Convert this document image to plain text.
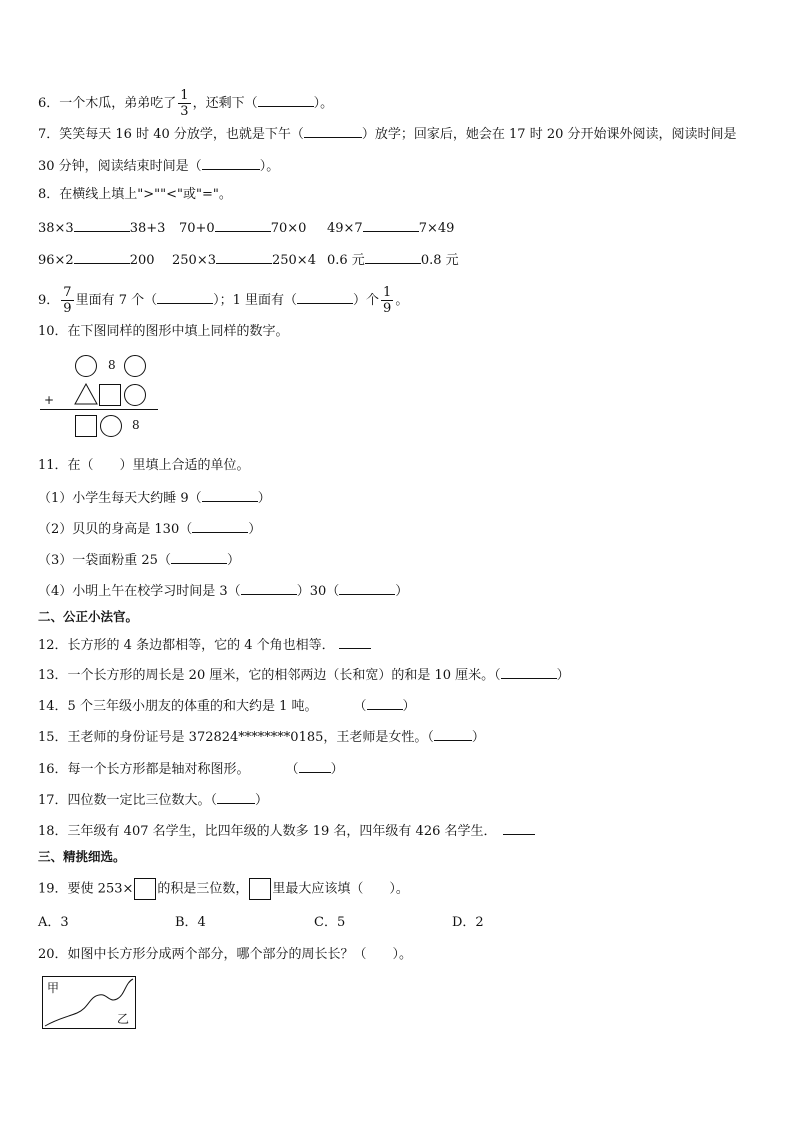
6．一个木瓜，弟弟吃了 $\frac{1}{3}$ ，还剩下（	）。
7．笑笑每天 16 时 40 分放学，也就是下午（	）放学；回家后，她会在 17 时 20 分开始课外阅读，阅读时间是
30 分钟，阅读结束时间是（	）。
8．在横线上填上">""<"或"="。
38×3	38+3 70+0	70×0 49×7	7×49
96×2	200 250×3	250×4 0.6 元	0.8 元
9． $\frac{7}{9}$ 里面有 7 个（	）；1 里面有（	）个 $\frac{1}{9}$ 。
10．在下图同样的图形中填上同样的数字。
8
+
8
11．在（　　）里填上合适的单位。
（1）小学生每天大约睡 9（	）
（2）贝贝的身高是 130（	）
（3）一袋面粉重 25（	）
（4）小明上午在校学习时间是 3（	）30（	）
二、公正小法官。
12．长方形的 4 条边都相等，它的 4 个角也相等．
13．一个长方形的周长是 20 厘米，它的相邻两边（长和宽）的和是 10 厘米。（	）
14．5 个三年级小朋友的体重的和大约是 1 吨。	（	）
15．王老师的身份证号是 372824********0185，王老师是女性。（	）
16．每一个长方形都是轴对称图形。	（ ）
17．四位数一定比三位数大。（	）
18．三年级有 407 名学生，比四年级的人数多 19 名，四年级有 426 名学生．
三、精挑细选。
19．要使 253× 的积是三位数， 里最大应该填（　　）。
A．3	B．4	C．5	D．2
20．如图中长方形分成两个部分，哪个部分的周长长？（　　）。
甲
乙
